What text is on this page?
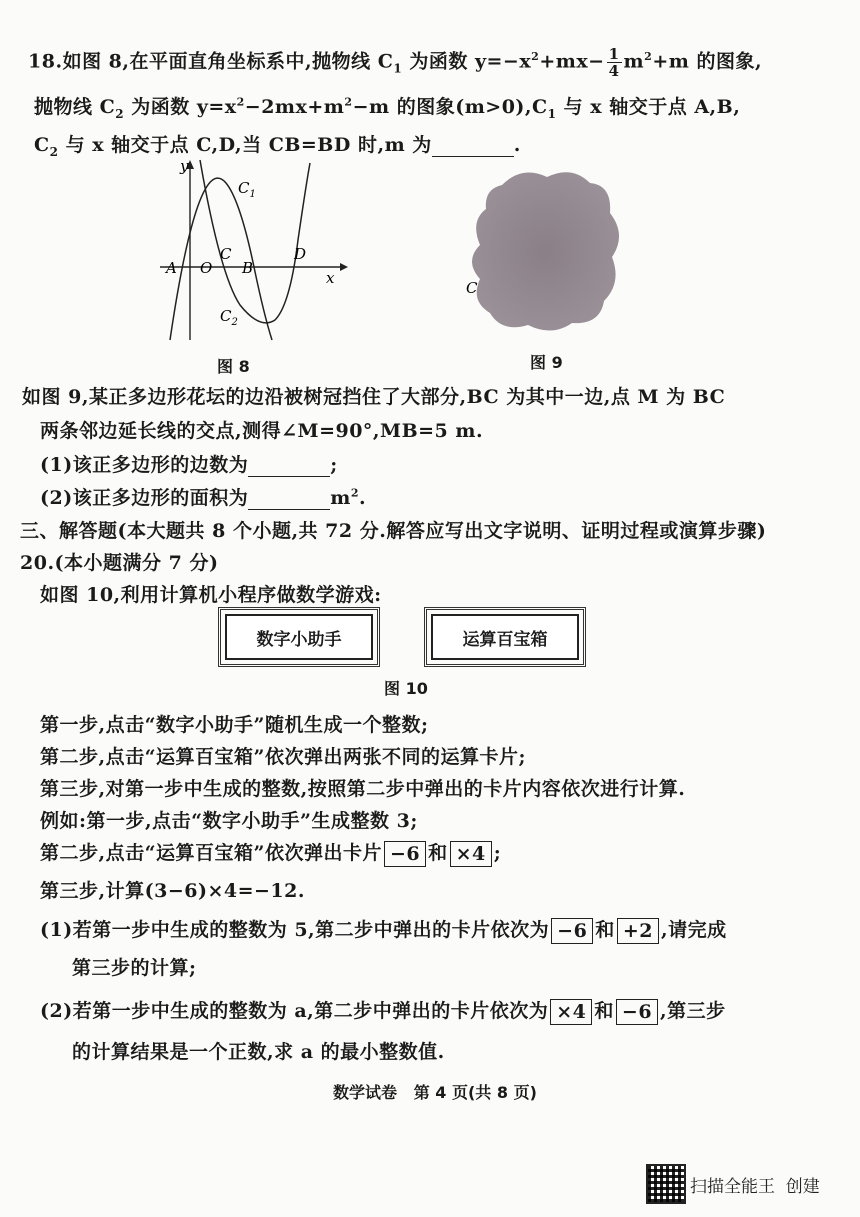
18.如图 8,在平面直角坐标系中,抛物线 $C_1$ 为函数 $y=-x^2+mx- \frac{1}{4} m^2+m$ 的图象,
抛物线 $C_2$ 为函数 $y=x^2-2mx+m^2-m$ 的图象$(m>0),C_1$ 与 x 轴交于点 A,B,
$C_2$ 与 x 轴交于点 C,D,当 CB=BD 时,m 为	.
y
x
O
A	B
C	D
$C_1$
$C_2$
图 8
C
图 9
如图 9,某正多边形花坛的边沿被树冠挡住了大部分,BC 为其中一边,点 M 为 BC
两条邻边延长线的交点,测得∠M=90°,MB=5 m.
(1)该正多边形的边数为	;
(2)该正多边形的面积为	$m^2$.
三、解答题(本大题共 8 个小题,共 72 分.解答应写出文字说明、证明过程或演算步骤)
20.(本小题满分 7 分)
如图 10,利用计算机小程序做数学游戏:
数字小助手	运算百宝箱
图 10
第一步,点击“数字小助手”随机生成一个整数;
第二步,点击“运算百宝箱”依次弹出两张不同的运算卡片;
第三步,对第一步中生成的整数,按照第二步中弹出的卡片内容依次进行计算.
例如:第一步,点击“数字小助手”生成整数 3;
第二步,点击“运算百宝箱”依次弹出卡片 −6 和 ×4 ;
第三步,计算(3−6)×4=−12.
(1)若第一步中生成的整数为 5,第二步中弹出的卡片依次为 −6 和 +2 ,请完成
第三步的计算;
(2)若第一步中生成的整数为 a,第二步中弹出的卡片依次为 ×4 和 −6 ,第三步
的计算结果是一个正数,求 a 的最小整数值.
数学试卷   第 4 页(共 8 页)
扫描全能王  创建
